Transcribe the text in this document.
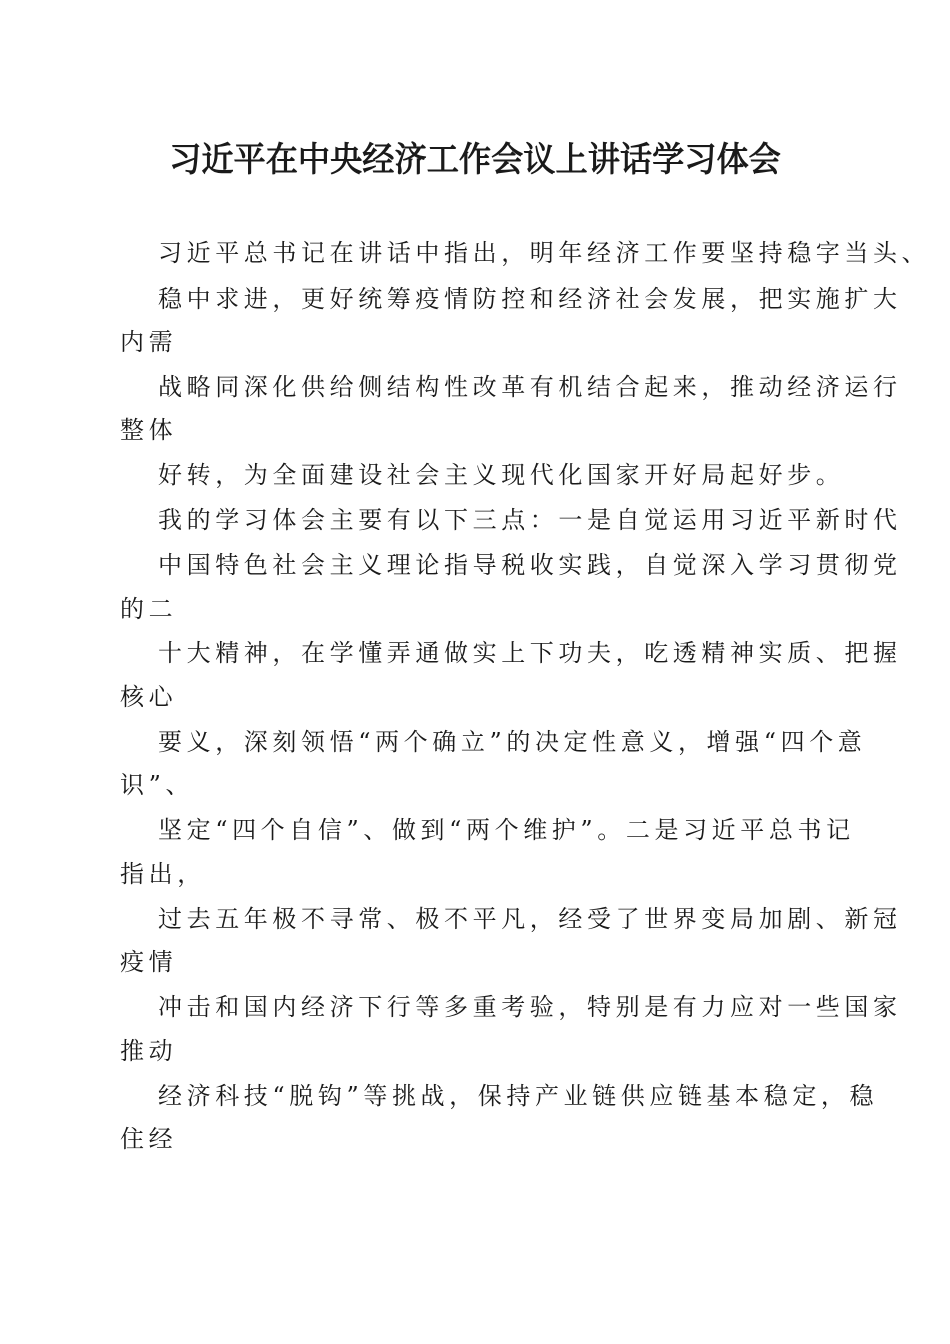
习近平在中央经济工作会议上讲话学习体会
习近平总书记在讲话中指出，明年经济工作要坚持稳字当头、
稳中求进，更好统筹疫情防控和经济社会发展，把实施扩大
内需
战略同深化供给侧结构性改革有机结合起来，推动经济运行
整体
好转，为全面建设社会主义现代化国家开好局起好步。
我的学习体会主要有以下三点：一是自觉运用习近平新时代
中国特色社会主义理论指导税收实践，自觉深入学习贯彻党
的二
十大精神，在学懂弄通做实上下功夫，吃透精神实质、把握
核心
要义，深刻领悟“两个确立”的决定性意义，增强“四个意
识”、
坚定“四个自信”、做到“两个维护”。二是习近平总书记
指出，
过去五年极不寻常、极不平凡，经受了世界变局加剧、新冠
疫情
冲击和国内经济下行等多重考验，特别是有力应对一些国家
推动
经济科技“脱钩”等挑战，保持产业链供应链基本稳定，稳
住经
